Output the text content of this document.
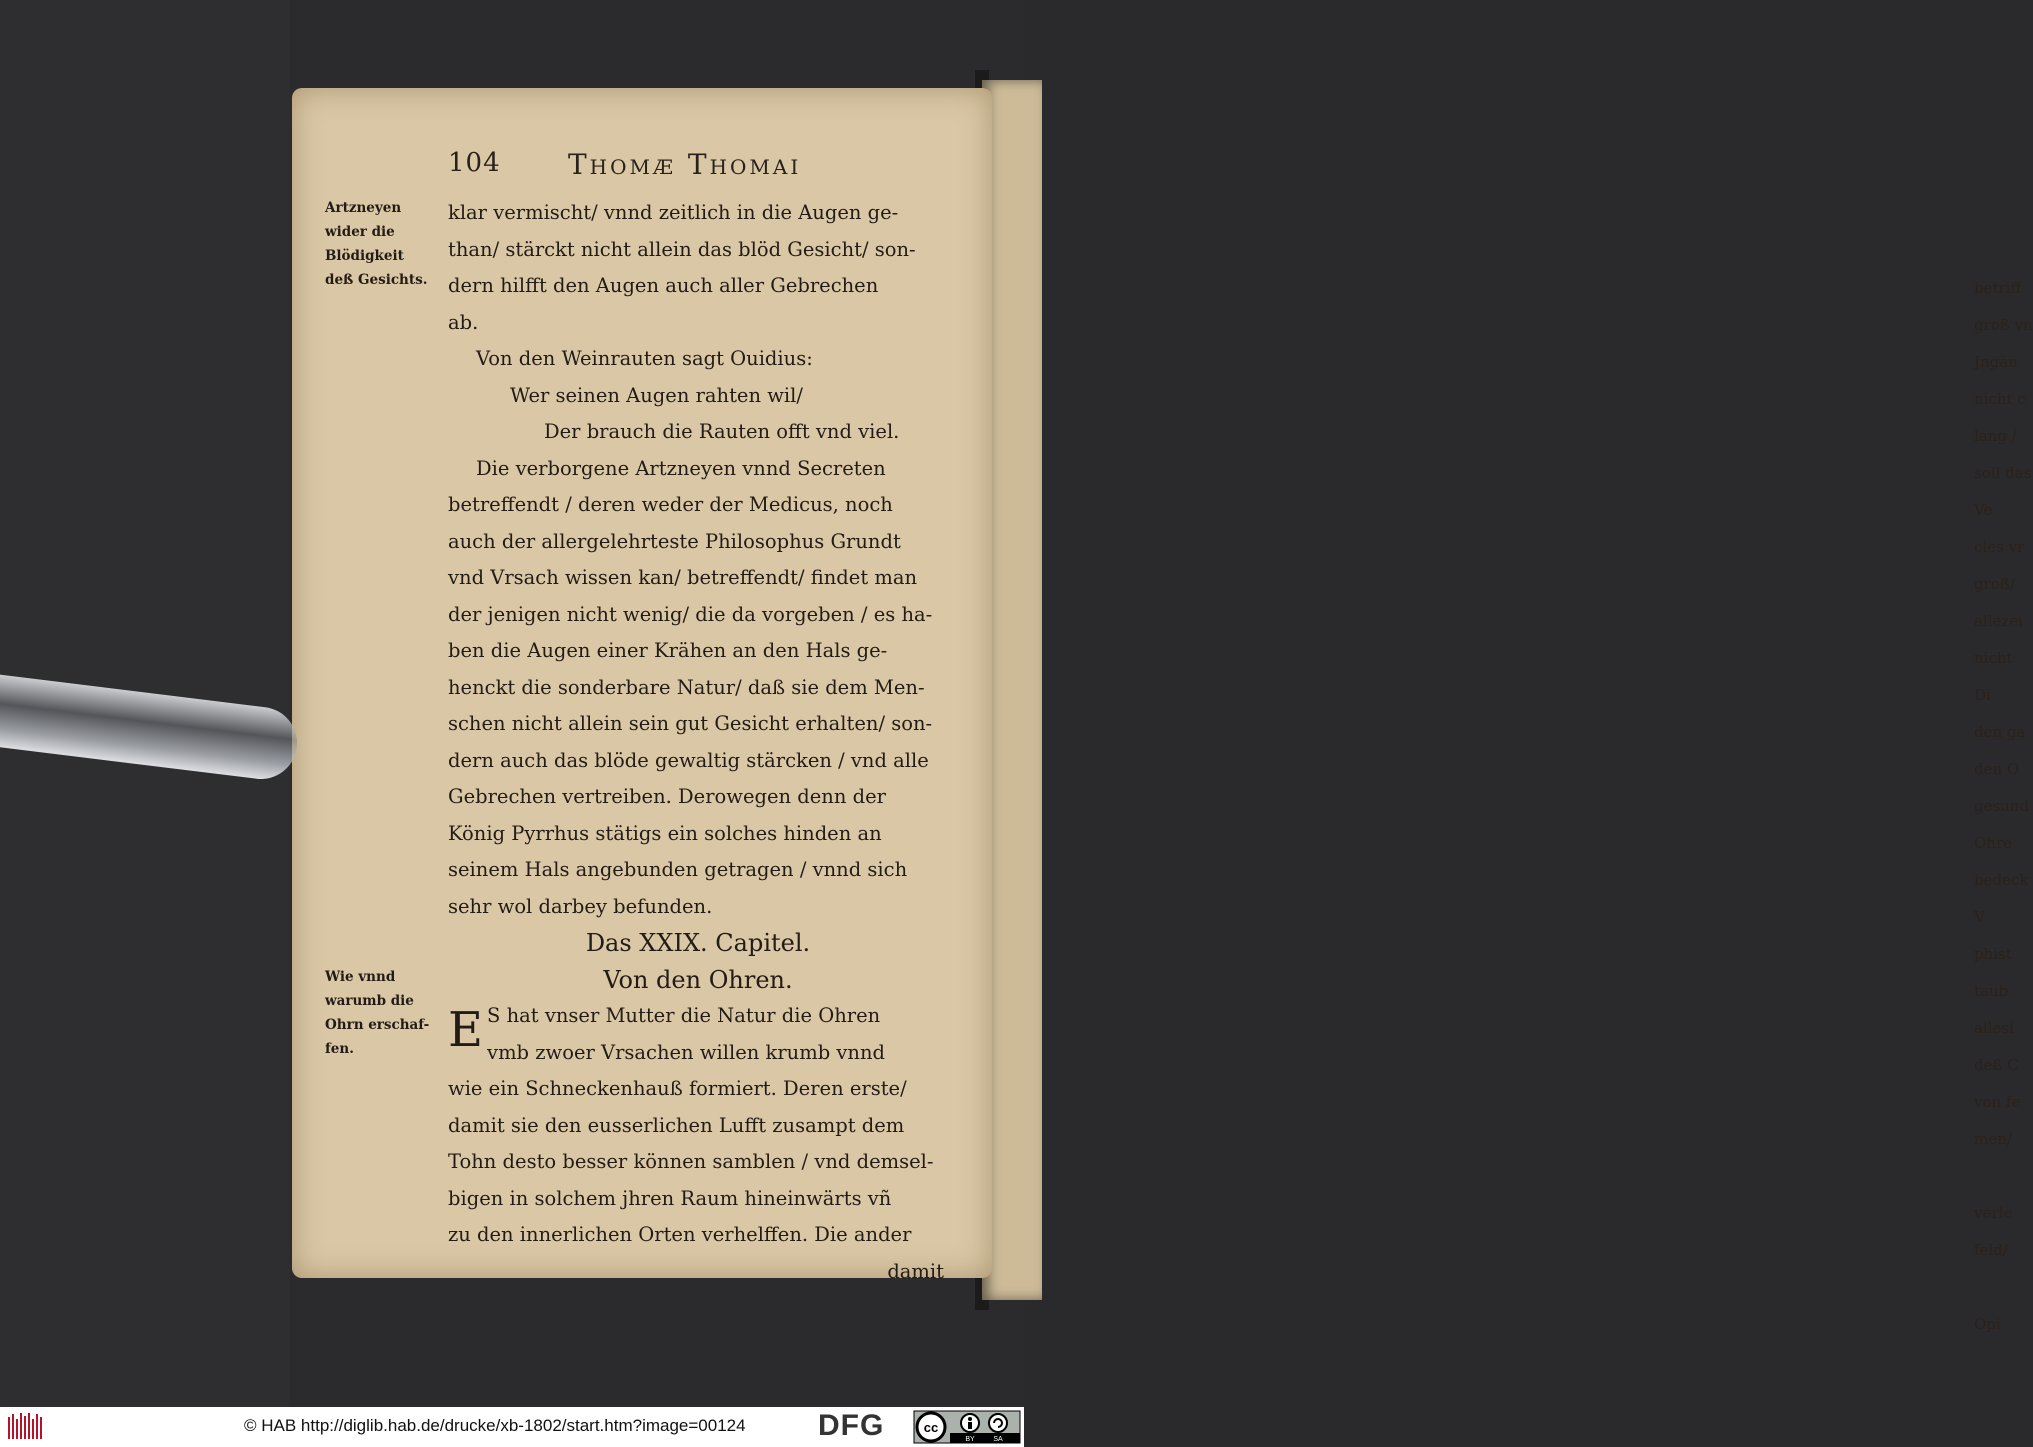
betriff
groß vn
Jngän
nicht c
lang /
soll das
Ve
cles vr
groß/
allezei
nicht
Di
den ga
den O
gesund
Ohre
bedeck
V
phist
taub
allesi
deß C
von fe
men/

verle
feld/

Opi
104 Thomæ Thomai
Artzneyen
wider die
Blödigkeit
deß Gesichts.
Wie vnnd
warumb die
Ohrn erschaf-
fen.
klar vermischt/ vnnd zeitlich in die Augen ge-
than/ stärckt nicht allein das blöd Gesicht/ son-
dern hilfft den Augen auch aller Gebrechen
ab.
Von den Weinrauten sagt Ouidius:
Wer seinen Augen rahten wil/
Der brauch die Rauten offt vnd viel.
Die verborgene Artzneyen vnnd Secreten
betreffendt / deren weder der Medicus, noch
auch der allergelehrteste Philosophus Grundt
vnd Vrsach wissen kan/ betreffendt/ findet man
der jenigen nicht wenig/ die da vorgeben / es ha-
ben die Augen einer Krähen an den Hals ge-
henckt die sonderbare Natur/ daß sie dem Men-
schen nicht allein sein gut Gesicht erhalten/ son-
dern auch das blöde gewaltig stärcken / vnd alle
Gebrechen vertreiben. Derowegen denn der
König Pyrrhus stätigs ein solches hinden an
seinem Hals angebunden getragen / vnnd sich
sehr wol darbey befunden.
Das XXIX. Capitel.
Von den Ohren.
E S hat vnser Mutter die Natur die Ohren
vmb zwoer Vrsachen willen krumb vnnd
wie ein Schneckenhauß formiert. Deren erste/
damit sie den eusserlichen Lufft zusampt dem
Tohn desto besser können samblen / vnd demsel-
bigen in solchem jhren Raum hineinwärts vñ
zu den innerlichen Orten verhelffen. Die ander
damit
© HAB http://diglib.hab.de/drucke/xb-1802/start.htm?image=00124 DFG	cc
BY	SA
